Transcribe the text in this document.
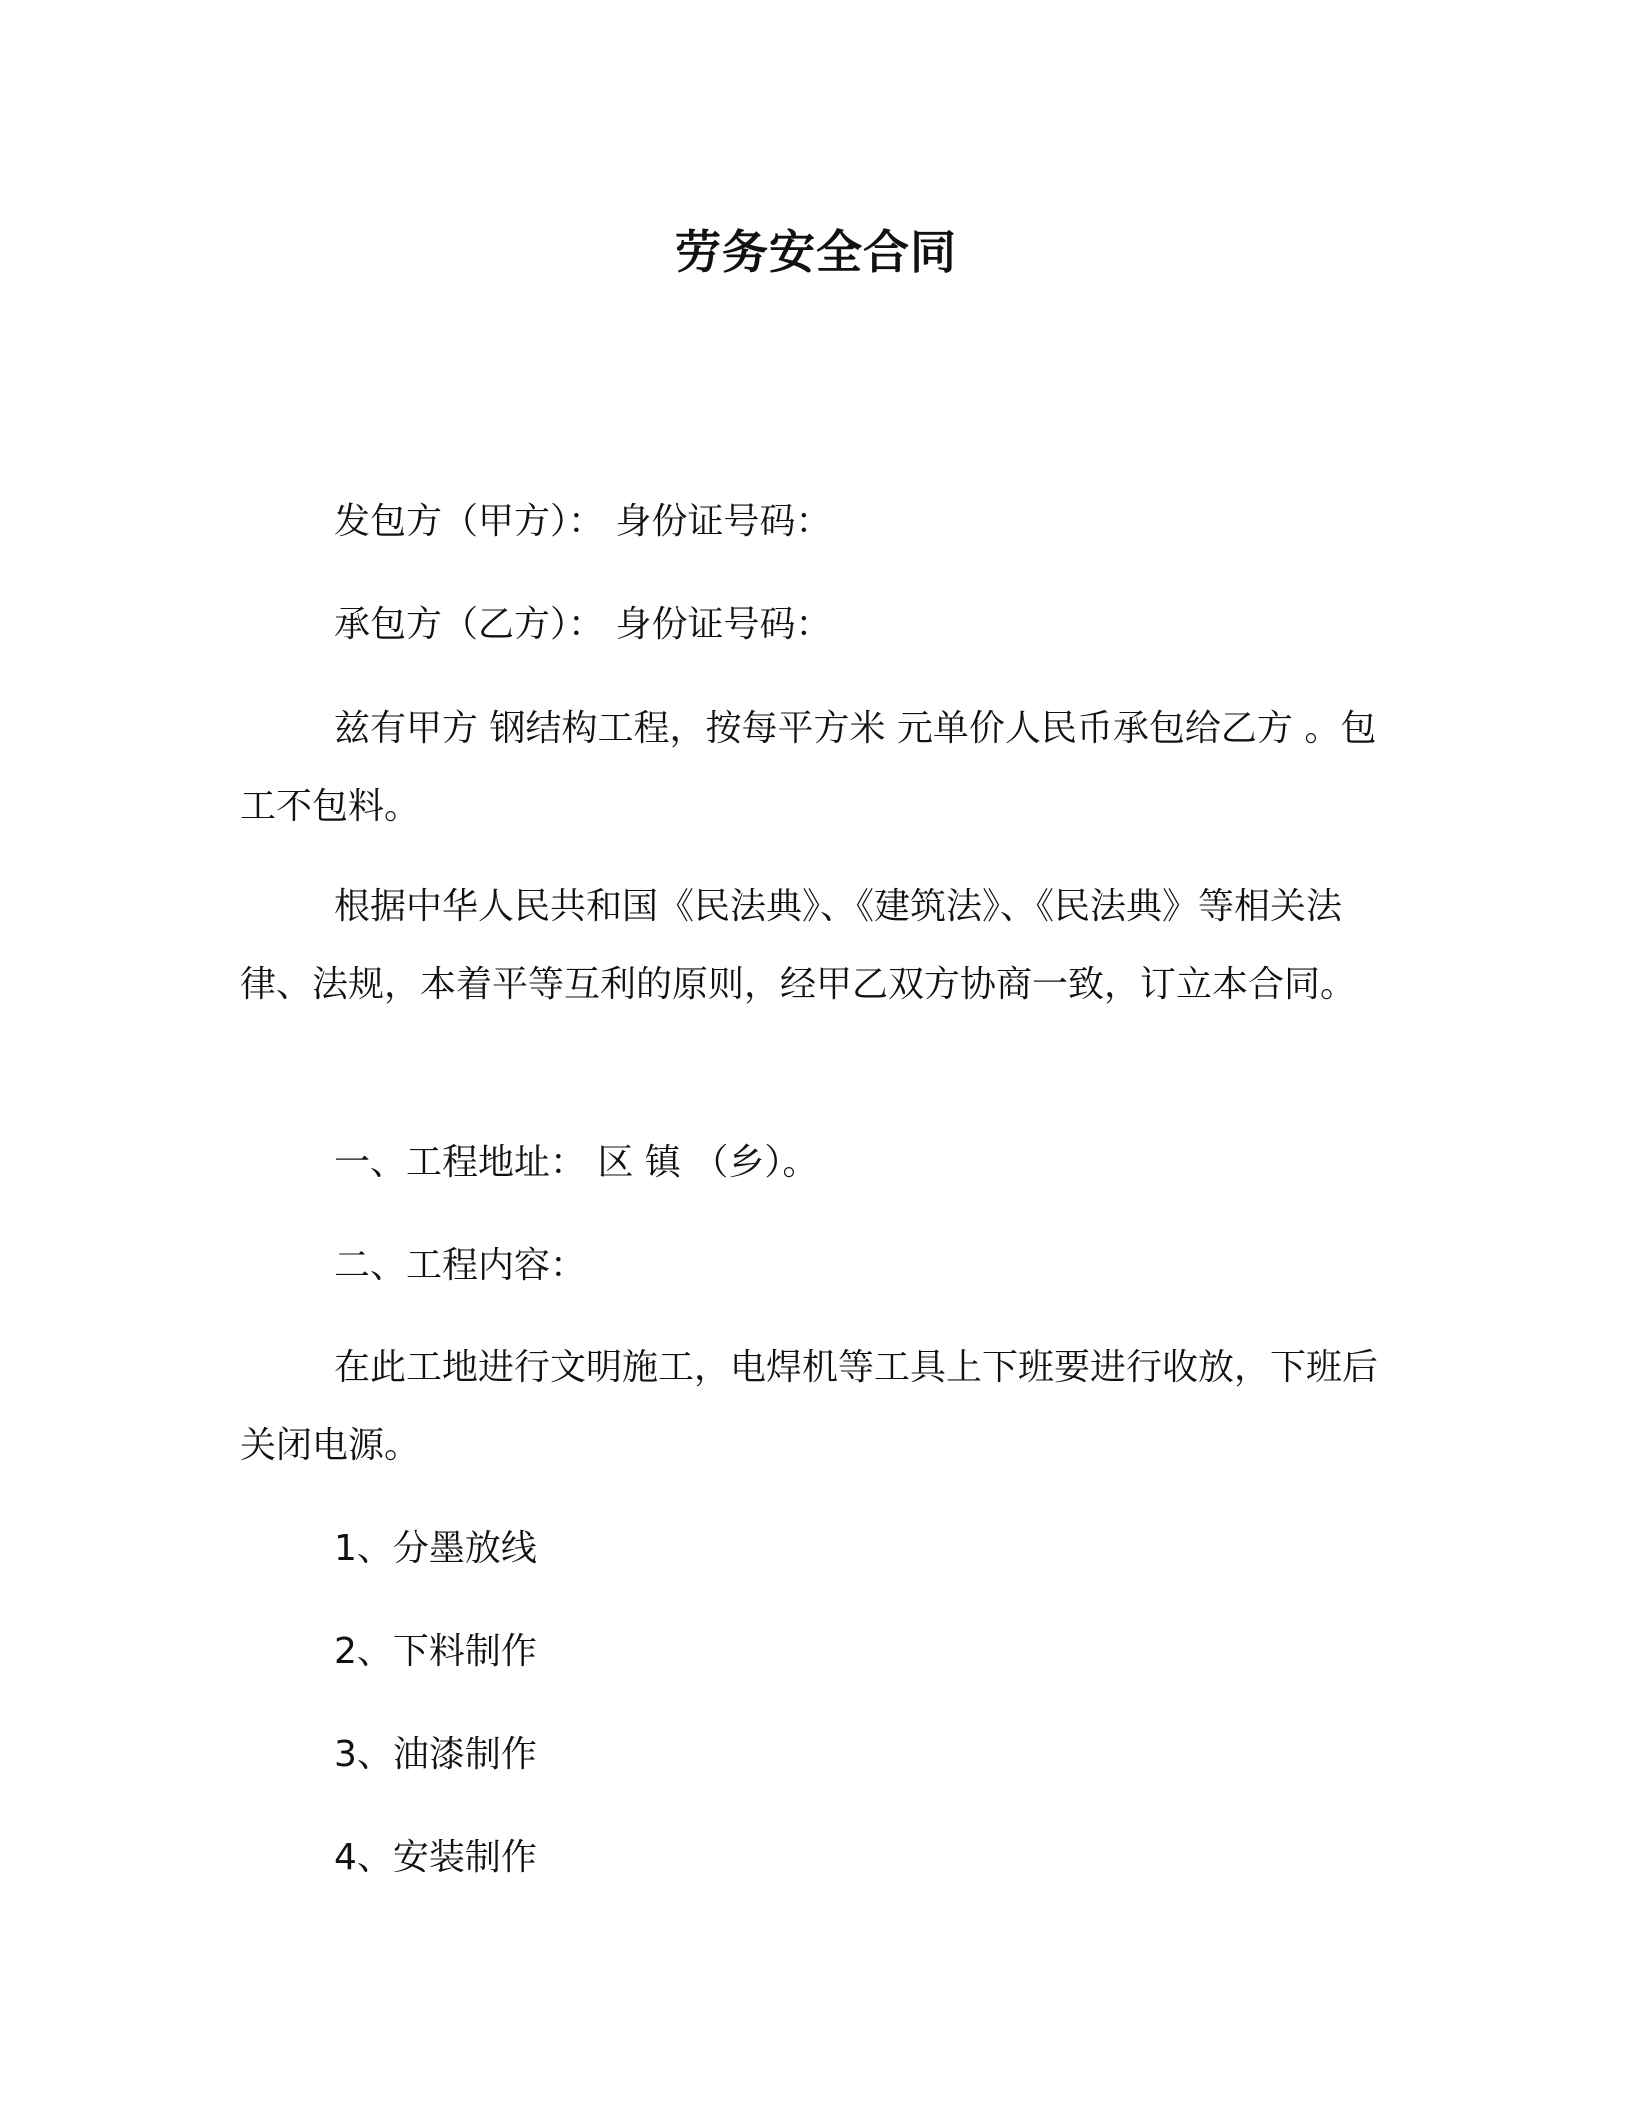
劳务安全合同
发包方（甲方）： 身份证号码：
承包方（乙方）： 身份证号码：

兹有甲方 钢结构工程，按每平方米 元单价人民币承包给乙方 。包工不包料。

根据中华人民共和国《民法典》、《建筑法》、《民法典》等相关法律、法规，本着平等互利的原则，经甲乙双方协商一致，订立本合同。

一、工程地址： 区 镇 （乡）。
二、工程内容：

在此工地进行文明施工，电焊机等工具上下班要进行收放，下班后关闭电源。

1、分墨放线
2、下料制作
3、油漆制作
4、安装制作
